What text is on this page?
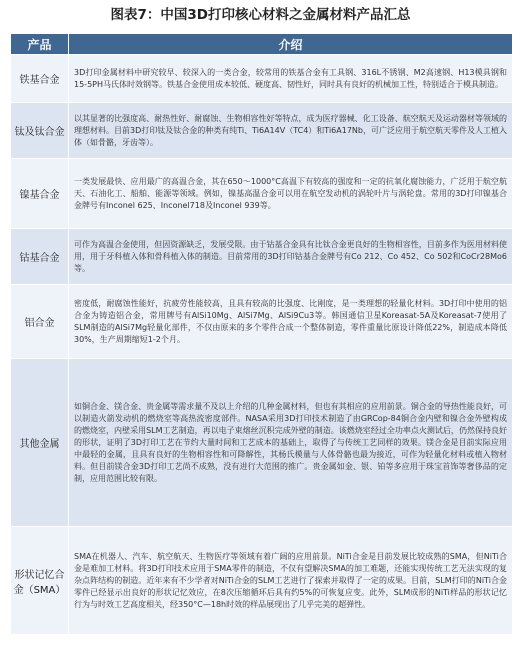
图表7：中国3D打印核心材料之金属材料产品汇总
产品	介绍
铁基合金	3D打印金属材料中研究较早、较深入的一类合金，较常用的铁基合金有工具钢、316L不锈钢、M2高速钢、H13模具钢和15-5PH马氏体时效钢等。铁基合金使用成本较低、硬度高、韧性好，同时具有良好的机械加工性，特别适合于模具制造。
钛及钛合金	以其显著的比强度高、耐热性好、耐腐蚀、生物相容性好等特点，成为医疗器械、化工设备、航空航天及运动器材等领域的理想材料。目前3D打印钛及钛合金的种类有纯Ti、Ti6A14V（TC4）和Ti6A17Nb，可广泛应用于航空航天零件及人工植入体（如骨骼，牙齿等）。
镍基合金	一类发展最快、应用最广的高温合金，其在650～1000°C高温下有较高的强度和一定的抗氧化腐蚀能力，广泛用于航空航天、石油化工、船舶、能源等领域。例如，镍基高温合金可以用在航空发动机的涡轮叶片与涡轮盘。常用的3D打印镍基合金牌号有Inconel 625、Inconel718及Inconel 939等。
钴基合金	可作为高温合金使用，但因资源缺乏，发展受限。由于钴基合金具有比钛合金更良好的生物相容性，目前多作为医用材料使用，用于牙科植入体和骨科植入体的制造。目前常用的3D打印钴基合金牌号有Co 212、Co 452、Co 502和CoCr28Mo6等。
铝合金	密度低，耐腐蚀性能好，抗疲劳性能较高，且具有较高的比强度、比刚度，是一类理想的轻量化材料。3D打印中使用的铝合金为铸造铝合金，常用牌号有AlSi10Mg、AlSi7Mg、AlSi9Cu3等。韩国通信卫星Koreasat-5A及Koreasat-7使用了SLM制造的AlSi7Mg轻量化部件，不仅由原来的多个零件合成一个整体制造，零件重量比原设计降低22%，制造成本降低30%，生产周期缩短1-2个月。
其他金属	如铜合金、镁合金、贵金属等需求量不及以上介绍的几种金属材料，但也有其相应的应用前景。铜合金的导热性能良好，可以制造火箭发动机的燃烧室等高热流密度部件。NASA采用3D打印技术制造了由GRCop-84铜合金内壁和镍合金外壁构成的燃烧室，内壁采用SLM工艺制造，再以电子束熔丝沉积完成外壁的制造。该燃烧室经过全功率点火测试后，仍然保持良好的形状，证明了3D打印工艺在节约大量时间和工艺成本的基础上，取得了与传统工艺同样的效果。镁合金是目前实际应用中最轻的金属，且具有良好的生物相容性和可降解性，其杨氏模量与人体骨骼也最为接近，可作为轻量化材料或植入物材料。但目前镁合金3D打印工艺尚不成熟，没有进行大范围的推广。贵金属如金、银、铂等多应用于珠宝首饰等奢侈品的定制，应用范围比较有限。
形状记忆合金（SMA）	SMA在机器人、汽车、航空航天、生物医疗等领域有着广阔的应用前景。NiTi合金是目前发展比较成熟的SMA，但NiTi合金是难加工材料。将3D打印技术应用于SMA零件的制造，不仅有望解决SMA的加工难题，还能实现传统工艺无法实现的复杂点阵结构的制造。近年来有不少学者对NiTi合金的SLM工艺进行了探索并取得了一定的成果。目前，SLM打印的NiTi合金零件已经显示出良好的形状记忆效应，在8次压缩循环后具有约5%的可恢复应变。此外，SLM成形的NiTi样品的形状记忆行为与时效工艺高度相关，经350°C—18h时效的样品展现出了几乎完美的超弹性。
